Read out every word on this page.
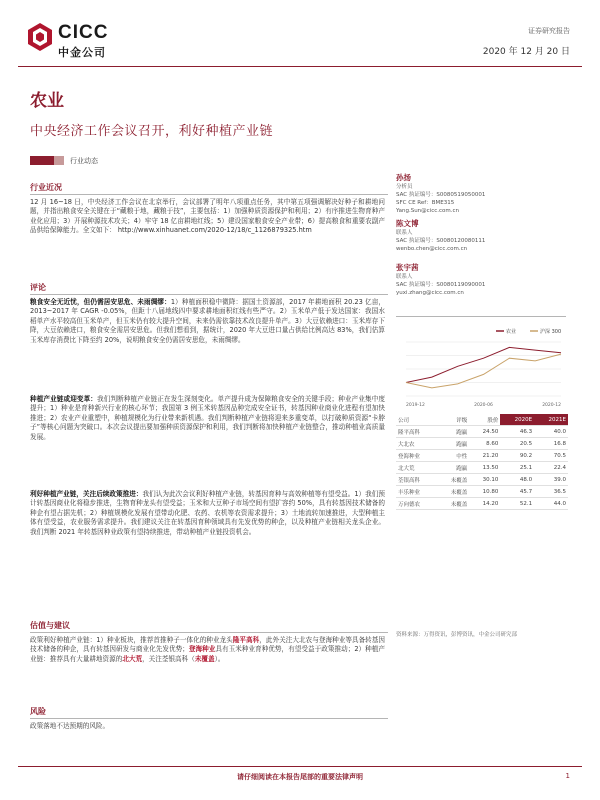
CICC
中金公司
证券研究报告
2020 年 12 月 20 日
农业
中央经济工作会议召开，利好种植产业链
行业动态
行业近况

12 月 16~18 日，中央经济工作会议在北京举行，会议部署了明年八项重点任务，其中第五项强调解决好种子和耕地问题，并指出粮食安全关键在于“藏粮于地，藏粮于技”，主要包括：1）加强种质资源保护和利用；2）有序推进生物育种产业化应用；3）开展种源技术攻关；4）牢守 18 亿亩耕地红线；5）建设国家粮食安全产业带；6）提高粮食和重要农副产品供给保障能力。全文如下： http://www.xinhuanet.com/2020-12/18/c_1126879325.htm

评论

粮食安全无近忧，但仍需居安思危、未雨绸缪：1）种植面积稳中微降：据国土资源部，2017 年耕地面积 20.23 亿亩，2013~2017 年 CAGR -0.05%，但距十八届地线四中要求耕地面积红线有些严守。2）玉米单产低于发达国家：我国水稻单产水平较高但玉米单产，但玉米仍有较大提升空间，未来仍需依靠技术改良提升单产。3）大豆依赖进口：玉米库存下降，大豆依赖进口，粮食安全需居安思危。但我们想看到，据统计，2020 年大豆进口量占供给比例高达 83%，我们估算玉米库存消费比下降至约 20%，说明粮食安全仍需居安思危，未雨绸缪。

种植产业链或迎变革：我们判断种植产业链正在发生深刻变化。单产提升成为保障粮食安全的关键手段；种业产业集中度提升；1）种业是育种新兴行业的核心环节；我国第 3 例玉米转基因品种完成安全证书，转基因种业商业化进程有望加快推进；2）农业产业重塑中，种植规模化为行业带来新机遇。我们判断种植产业链将迎来多重变革，以打破种质资源“卡脖子”等核心问题为突破口。本次会议提出要加强种质资源保护和利用，我们判断将加快种植产业链整合，推动种植业高质量发展。

利好种植产业链，关注后续政策推进：我们认为此次会议利好种植产业链，转基因育种与高效种植等有望受益。1）我们预计转基因商业化将稳步推进，生物育种龙头有望受益；玉米和大豆种子市场空间有望扩容约 50%，具有转基因技术储备的种企有望占据先机；2）种植规模化发展有望带动化肥、农药、农机等农资需求提升；3）土地流转加速推进，大型种植主体有望受益，农业服务需求提升。我们建议关注在转基因育种领域具有先发优势的种企，以及种植产业链相关龙头企业。我们判断 2021 年转基因种业政策有望持续推进，带动种植产业链投资机会。

估值与建议

政策利好种植产业链：1）种业板块，推荐首推种子一体化的种业龙头隆平高科，此外关注大北农与登海种业等具备转基因技术储备的种企，具有转基因研发与商业化先发优势；登海种业具有玉米种业育种优势，有望受益于政策推动；2）种植产业链：推荐具有大量耕地资源的北大荒，关注荃银高科（未覆盖）。

风险

政策落地不达预期的风险。

孙扬
分析员
SAC 执证编号：S0080519050001
SFC CE Ref：BME315
Yang.Sun@cicc.com.cn
陈文博
联系人
SAC 执证编号：S0080120080111
wenbo.chen@cicc.com.cn
张宇茜
联系人
SAC 执证编号：S0080119090001
yuxi.zhang@cicc.com.cn
农业	沪深 300
2019-12	2020-06	2020-12
公司	评级	股价	2020E	2021E
隆平高科	跑赢	24.50	46.3	40.0
大北农	跑赢	8.60	20.5	16.8
登海种业	中性	21.20	90.2	70.5
北大荒	跑赢	13.50	25.1	22.4
荃银高科	未覆盖	30.10	48.0	39.0
丰乐种业	未覆盖	10.80	45.7	36.5
万向德农	未覆盖	14.20	52.1	44.0
资料来源：万得资讯，彭博资讯，中金公司研究部
请仔细阅读在本报告尾部的重要法律声明	1
